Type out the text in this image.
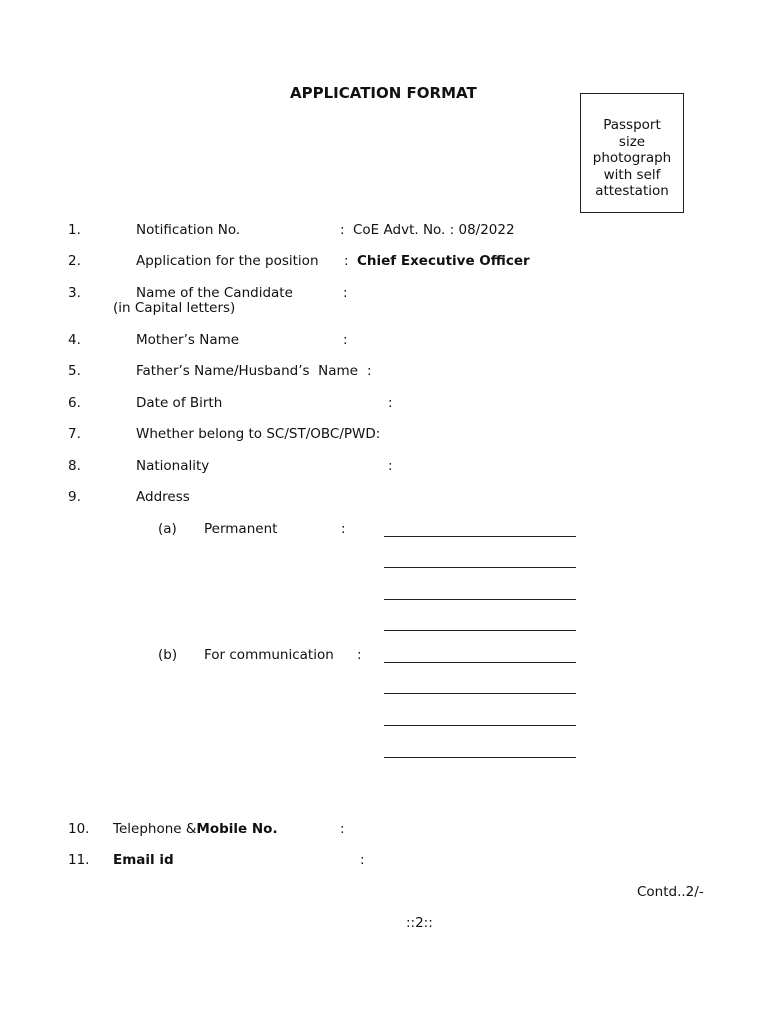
APPLICATION FORMAT
Passport
size
photograph
with self
attestation
1.	Notification No.	: CoE Advt. No. : 08/2022
2.	Application for the position : Chief Executive Officer
3.	Name of the Candidate	:
(in Capital letters)
4.	Mother’s Name	:
5.	Father’s Name/Husband’s  Name :
6.	Date of Birth	:
7.	Whether belong to SC/ST/OBC/PWD:
8.	Nationality	:
9.	Address
(a) Permanent	:
(b) For communication :
10. Telephone &Mobile No.	:
11. Email id	:
Contd..2/-
::2::
